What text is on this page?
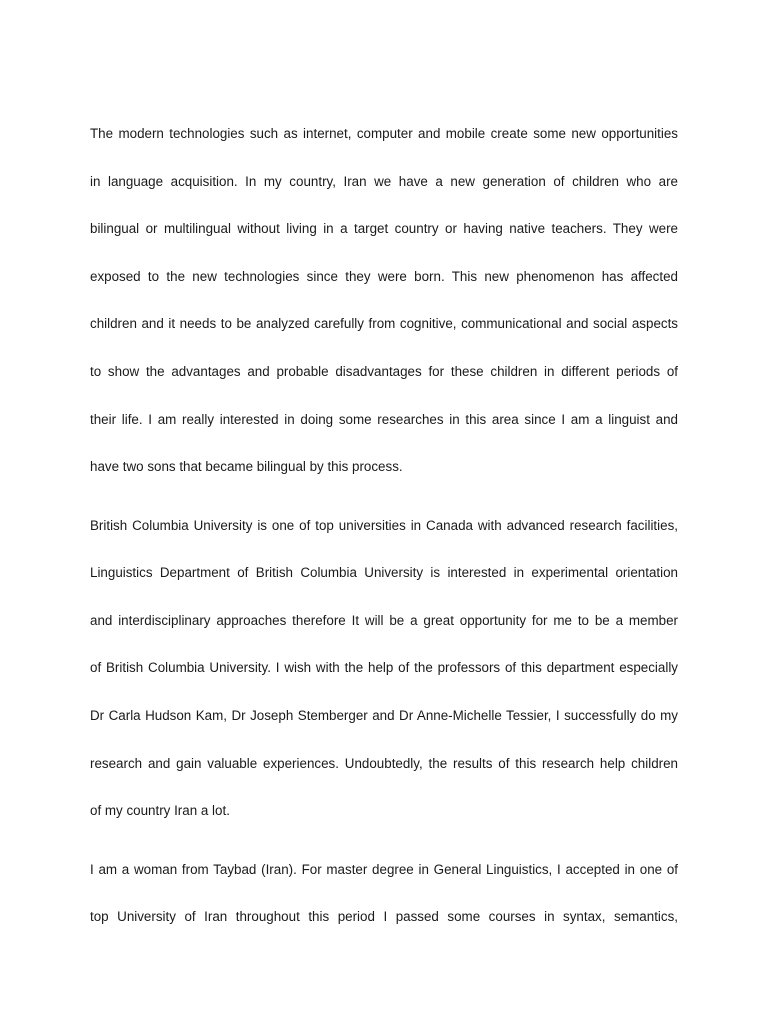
The modern technologies such as internet, computer and mobile create some new opportunities
in language acquisition. In my country, Iran we have a new generation of children who are
bilingual or multilingual without living in a target country or having native teachers. They were
exposed to the new technologies since they were born. This new phenomenon has affected
children and it needs to be analyzed carefully from cognitive, communicational and social aspects
to show the advantages and probable disadvantages for these children in different periods of
their life. I am really interested in doing some researches in this area since I am a linguist and
have two sons that became bilingual by this process.
British Columbia University is one of top universities in Canada with advanced research facilities,
Linguistics Department of British Columbia University is interested in experimental orientation
and interdisciplinary approaches therefore It will be a great opportunity for me to be a member
of British Columbia University. I wish with the help of the professors of this department especially
Dr Carla Hudson Kam, Dr Joseph Stemberger and Dr Anne-Michelle Tessier, I successfully do my
research and gain valuable experiences. Undoubtedly, the results of this research help children
of my country Iran a lot.
I am a woman from Taybad (Iran). For master degree in General Linguistics, I accepted in one of
top University of Iran throughout this period I passed some courses in syntax, semantics,
